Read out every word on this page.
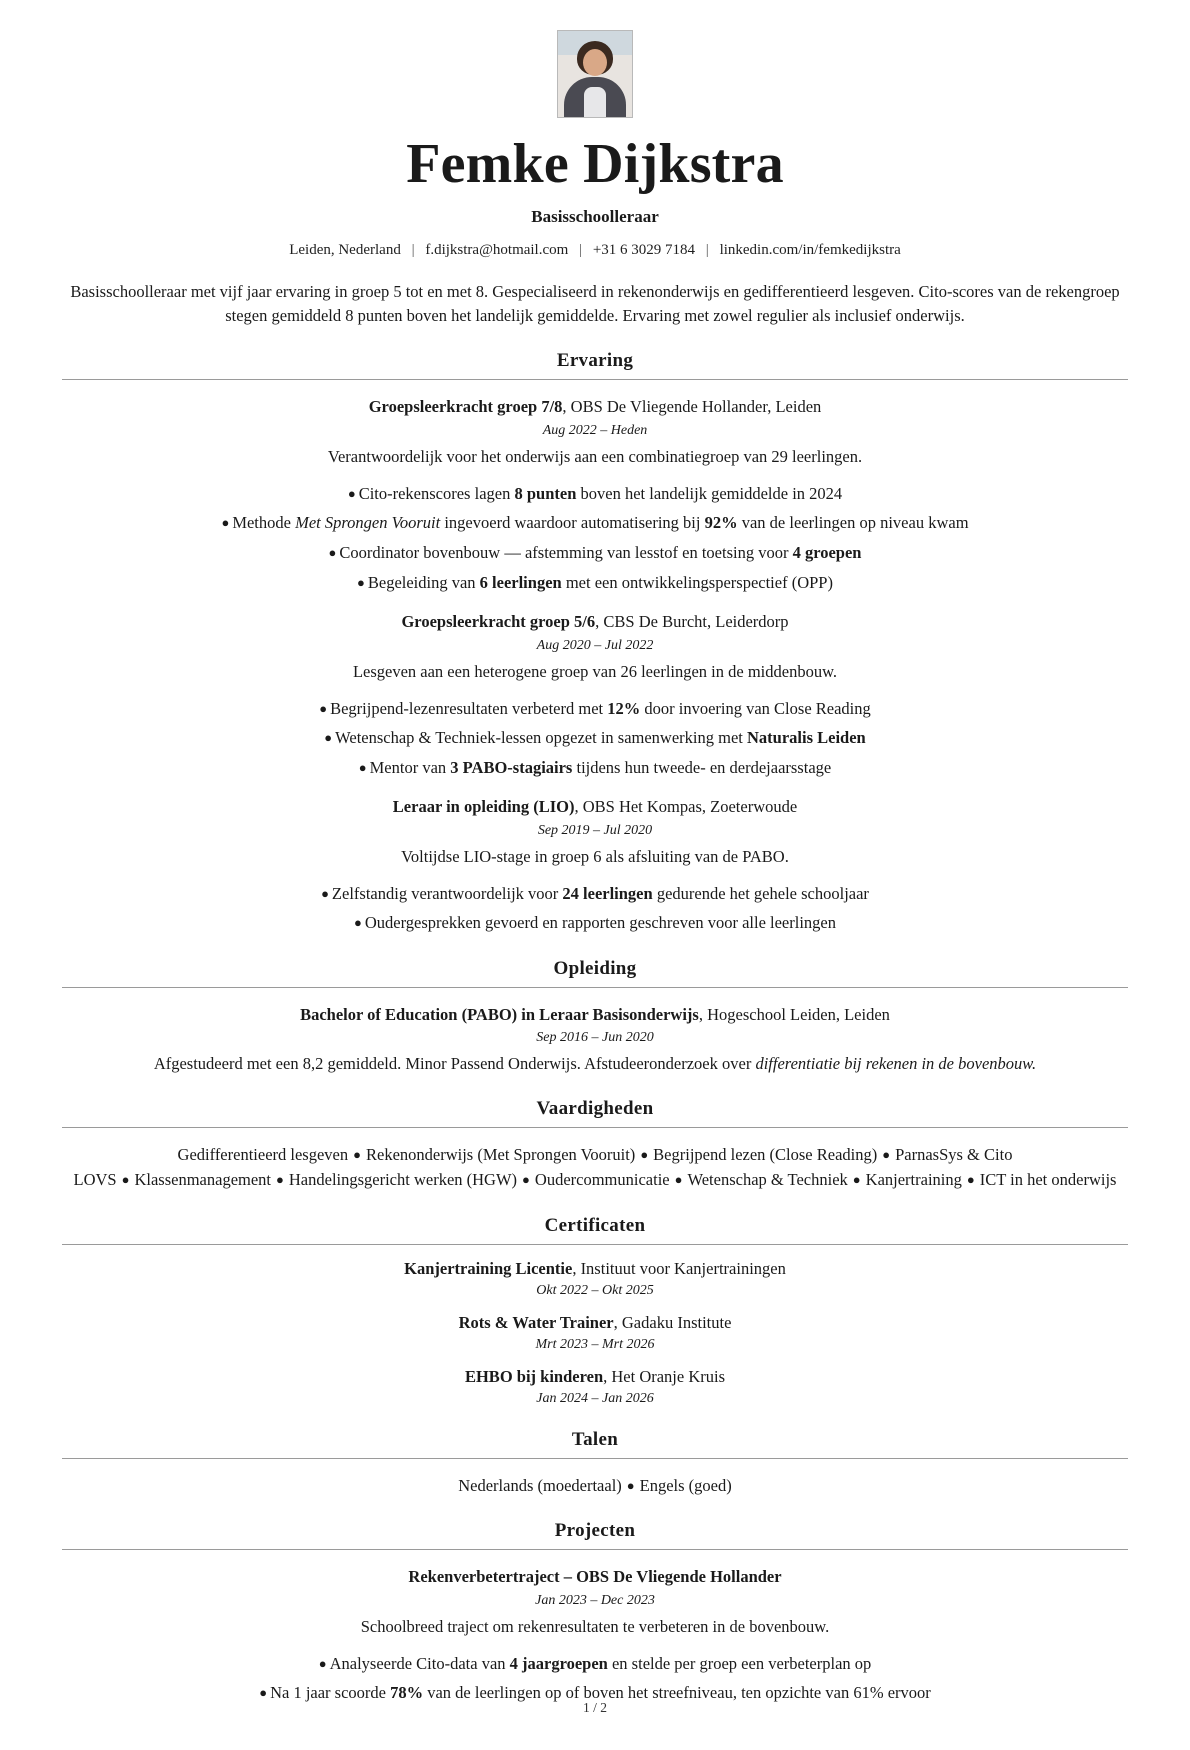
Femke Dijkstra
Basisschoolleraar
Leiden, Nederland | f.dijkstra@hotmail.com | +31 6 3029 7184 | linkedin.com/in/femkedijkstra
Basisschoolleraar met vijf jaar ervaring in groep 5 tot en met 8. Gespecialiseerd in rekenonderwijs en gedifferentieerd lesgeven. Cito-scores van de rekengroep stegen gemiddeld 8 punten boven het landelijk gemiddelde. Ervaring met zowel regulier als inclusief onderwijs.
Ervaring
Groepsleerkracht groep 7/8, OBS De Vliegende Hollander, Leiden
Aug 2022 – Heden
Verantwoordelijk voor het onderwijs aan een combinatiegroep van 29 leerlingen.
● Cito-rekenscores lagen 8 punten boven het landelijk gemiddelde in 2024
● Methode Met Sprongen Vooruit ingevoerd waardoor automatisering bij 92% van de leerlingen op niveau kwam
● Coordinator bovenbouw — afstemming van lesstof en toetsing voor 4 groepen
● Begeleiding van 6 leerlingen met een ontwikkelingsperspectief (OPP)
Groepsleerkracht groep 5/6, CBS De Burcht, Leiderdorp
Aug 2020 – Jul 2022
Lesgeven aan een heterogene groep van 26 leerlingen in de middenbouw.
● Begrijpend-lezenresultaten verbeterd met 12% door invoering van Close Reading
● Wetenschap & Techniek-lessen opgezet in samenwerking met Naturalis Leiden
● Mentor van 3 PABO-stagiairs tijdens hun tweede- en derdejaarsstage
Leraar in opleiding (LIO), OBS Het Kompas, Zoeterwoude
Sep 2019 – Jul 2020
Voltijdse LIO-stage in groep 6 als afsluiting van de PABO.
● Zelfstandig verantwoordelijk voor 24 leerlingen gedurende het gehele schooljaar
● Oudergesprekken gevoerd en rapporten geschreven voor alle leerlingen
Opleiding
Bachelor of Education (PABO) in Leraar Basisonderwijs, Hogeschool Leiden, Leiden
Sep 2016 – Jun 2020
Afgestudeerd met een 8,2 gemiddeld. Minor Passend Onderwijs. Afstudeeronderzoek over differentiatie bij rekenen in de bovenbouw.
Vaardigheden
Gedifferentieerd lesgeven ● Rekenonderwijs (Met Sprongen Vooruit) ● Begrijpend lezen (Close Reading) ● ParnasSys & Cito LOVS ● Klassenmanagement ● Handelingsgericht werken (HGW) ● Oudercommunicatie ● Wetenschap & Techniek ● Kanjertraining ● ICT in het onderwijs
Certificaten
Kanjertraining Licentie, Instituut voor Kanjertrainingen
Okt 2022 – Okt 2025
Rots & Water Trainer, Gadaku Institute
Mrt 2023 – Mrt 2026
EHBO bij kinderen, Het Oranje Kruis
Jan 2024 – Jan 2026
Talen
Nederlands (moedertaal) ● Engels (goed)
Projecten
Rekenverbetertraject – OBS De Vliegende Hollander
Jan 2023 – Dec 2023
Schoolbreed traject om rekenresultaten te verbeteren in de bovenbouw.
● Analyseerde Cito-data van 4 jaargroepen en stelde per groep een verbeterplan op
● Na 1 jaar scoorde 78% van de leerlingen op of boven het streefniveau, ten opzichte van 61% ervoor
1 / 2
